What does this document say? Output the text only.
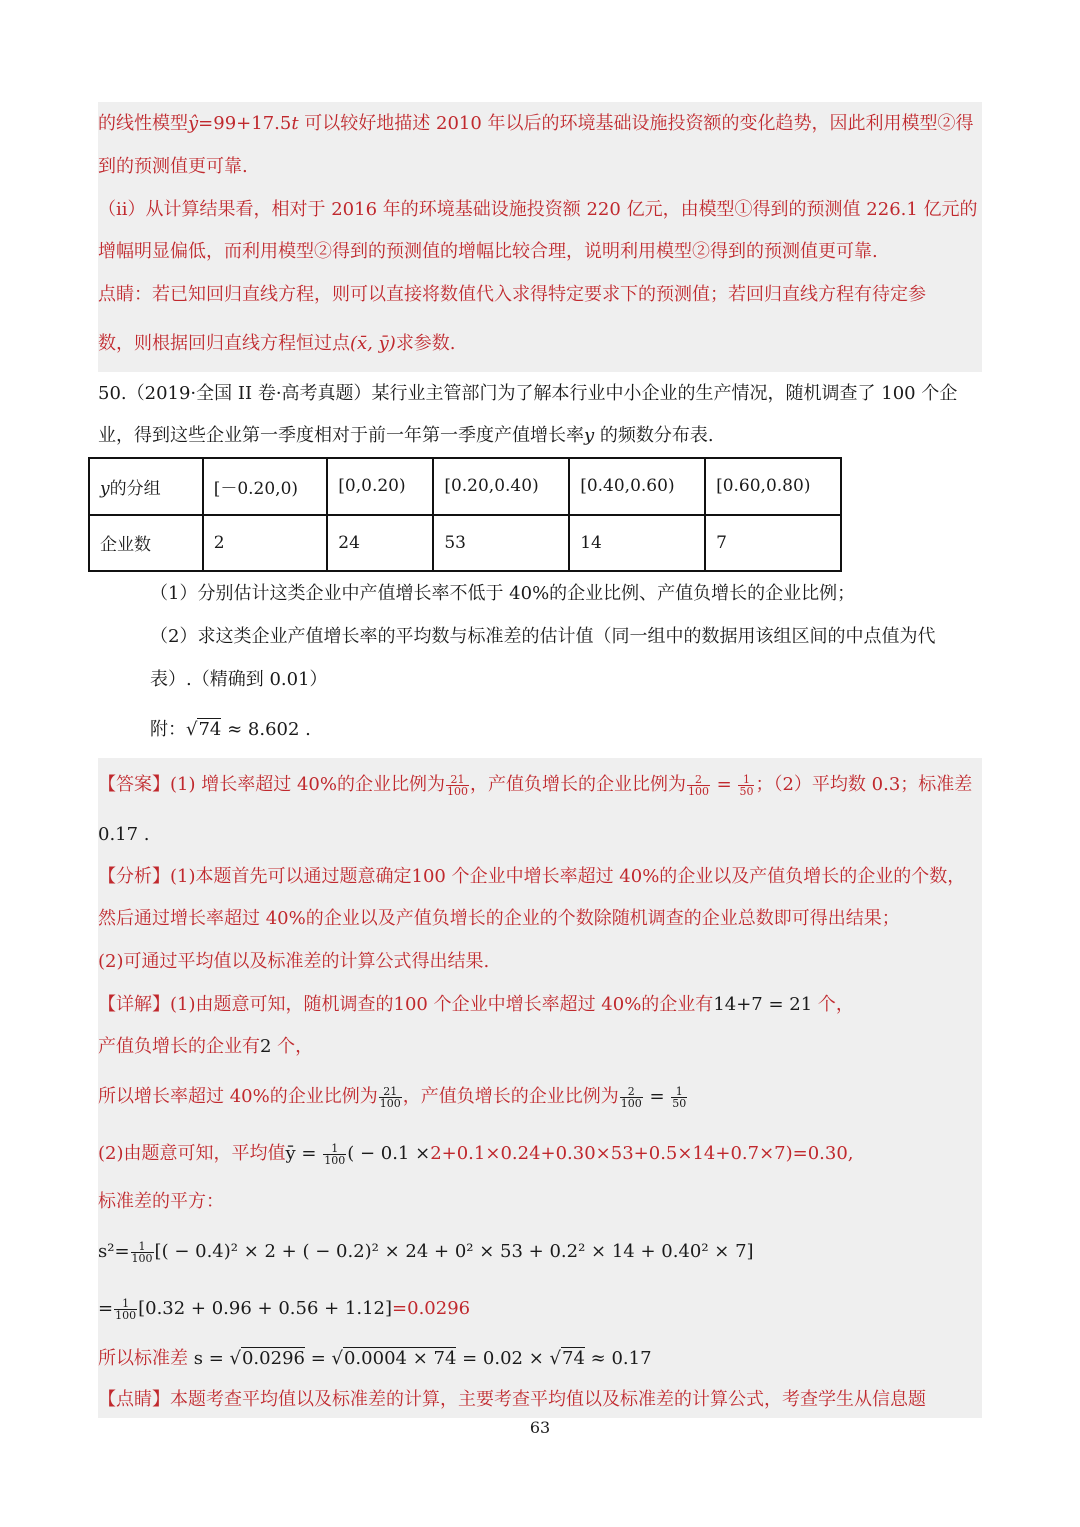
的线性模型ŷ=99+17.5t 可以较好地描述 2010 年以后的环境基础设施投资额的变化趋势，因此利用模型②得
到的预测值更可靠.
（ii）从计算结果看，相对于 2016 年的环境基础设施投资额 220 亿元，由模型①得到的预测值 226.1 亿元的
增幅明显偏低，而利用模型②得到的预测值的增幅比较合理，说明利用模型②得到的预测值更可靠.
点睛：若已知回归直线方程，则可以直接将数值代入求得特定要求下的预测值；若回归直线方程有待定参
数，则根据回归直线方程恒过点(x̄, ȳ)求参数.
50.（2019·全国 II 卷·高考真题）某行业主管部门为了解本行业中小企业的生产情况，随机调查了 100 个企
业，得到这些企业第一季度相对于前一年第一季度产值增长率y 的频数分布表.
y的分组	[－0.20,0)	[0,0.20)	[0.20,0.40)	[0.40,0.60)	[0.60,0.80)
企业数	2	24	53	14	7
（1）分别估计这类企业中产值增长率不低于 40%的企业比例、产值负增长的企业比例；
（2）求这类企业产值增长率的平均数与标准差的估计值（同一组中的数据用该组区间的中点值为代
表）.（精确到 0.01）
附：√74 ≈ 8.602 .
【答案】(1) 增长率超过 40%的企业比例为 $\frac{21}{100}$ ，产值负增长的企业比例为 $\frac{2}{100} = \frac{1}{50}$ ；（2）平均数 0.3；标准差
0.17 .
【分析】(1)本题首先可以通过题意确定100 个企业中增长率超过 40%的企业以及产值负增长的企业的个数，
然后通过增长率超过 40%的企业以及产值负增长的企业的个数除随机调查的企业总数即可得出结果；
(2)可通过平均值以及标准差的计算公式得出结果.
【详解】(1)由题意可知，随机调查的100 个企业中增长率超过 40%的企业有14+7 = 21 个，
产值负增长的企业有2 个，
所以增长率超过 40%的企业比例为 $\frac{21}{100}$ ，产值负增长的企业比例为 $\frac{2}{100} = \frac{1}{50}$
(2)由题意可知，平均值ȳ = $\frac{1}{100}$ ( − 0.1 ×2+0.1×0.24+0.30×53+0.5×14+0.7×7)=0.30,
标准差的平方：
$s^2= \frac{1}{100}$ [( − 0.4)² × 2 + ( − 0.2)² × 24 + 0² × 53 + 0.2² × 14 + 0.40² × 7]
= $\frac{1}{100} [0.32 + 0.96 + 0.56 + 1.12]=0.0296$
所以标准差 s = √0.0296 = √0.0004 × 74 = 0.02 × √74 ≈ 0.17
【点睛】本题考查平均值以及标准差的计算，主要考查平均值以及标准差的计算公式，考查学生从信息题
63
